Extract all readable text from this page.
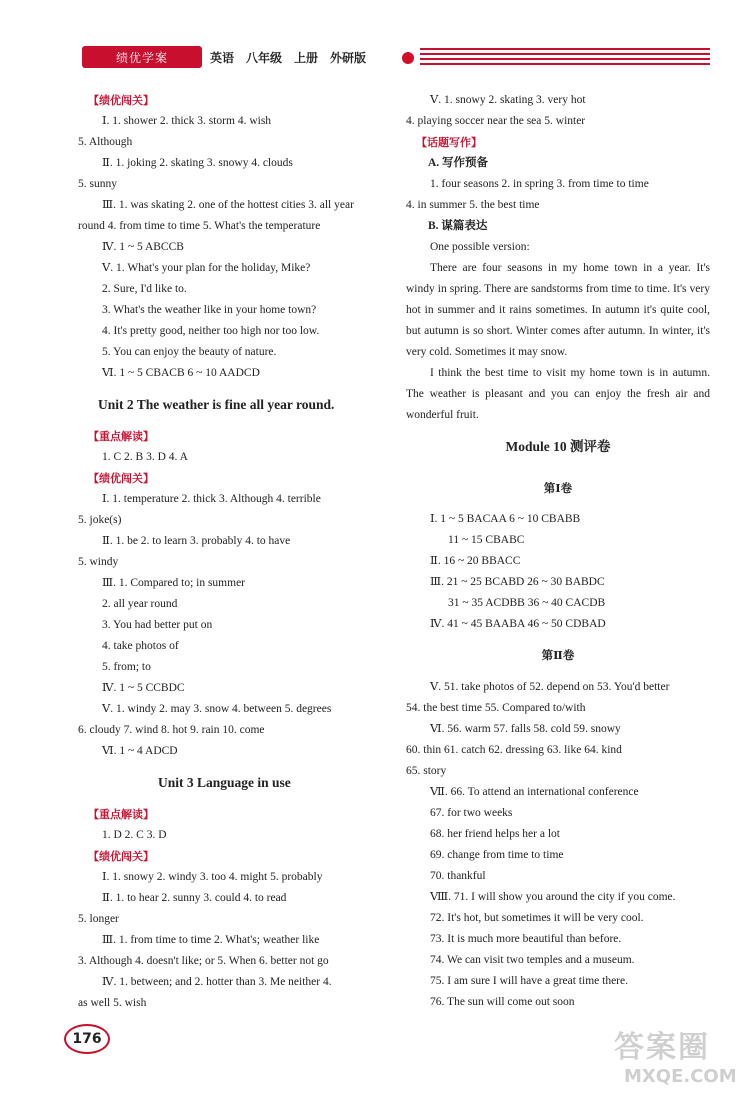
绩优学案	英语 八年级 上册 外研版
【绩优闯关】
Ⅰ. 1. shower 2. thick 3. storm 4. wish
5. Although
Ⅱ. 1. joking 2. skating 3. snowy 4. clouds
5. sunny
Ⅲ. 1. was skating 2. one of the hottest cities 3. all year
round 4. from time to time 5. What's the temperature
Ⅳ. 1 ~ 5 ABCCB
Ⅴ. 1. What's your plan for the holiday, Mike?
2. Sure, I'd like to.
3. What's the weather like in your home town?
4. It's pretty good, neither too high nor too low.
5. You can enjoy the beauty of nature.
Ⅵ. 1 ~ 5 CBACB 6 ~ 10 AADCD
Unit 2 The weather is fine all year round.
【重点解读】
1. C 2. B 3. D 4. A
【绩优闯关】
Ⅰ. 1. temperature 2. thick 3. Although 4. terrible
5. joke(s)
Ⅱ. 1. be 2. to learn 3. probably 4. to have
5. windy
Ⅲ. 1. Compared to; in summer
2. all year round
3. You had better put on
4. take photos of
5. from; to
Ⅳ. 1 ~ 5 CCBDC
Ⅴ. 1. windy 2. may 3. snow 4. between 5. degrees
6. cloudy 7. wind 8. hot 9. rain 10. come
Ⅵ. 1 ~ 4 ADCD
Unit 3 Language in use
【重点解读】
1. D 2. C 3. D
【绩优闯关】
Ⅰ. 1. snowy 2. windy 3. too 4. might 5. probably
Ⅱ. 1. to hear 2. sunny 3. could 4. to read
5. longer
Ⅲ. 1. from time to time 2. What's; weather like
3. Although 4. doesn't like; or 5. When 6. better not go
Ⅳ. 1. between; and 2. hotter than 3. Me neither 4.
as well 5. wish
Ⅴ. 1. snowy 2. skating 3. very hot
4. playing soccer near the sea 5. winter
【话题写作】
A. 写作预备
1. four seasons 2. in spring 3. from time to time
4. in summer 5. the best time
B. 谋篇表达
One possible version:
There are four seasons in my home town in a year. It's windy in spring. There are sandstorms from time to time. It's very hot in summer and it rains sometimes. In autumn it's quite cool, but autumn is so short. Winter comes after autumn. In winter, it's very cold. Sometimes it may snow.
I think the best time to visit my home town is in autumn. The weather is pleasant and you can enjoy the fresh air and wonderful fruit.
Module 10 测评卷
第Ⅰ卷
Ⅰ. 1 ~ 5 BACAA 6 ~ 10 CBABB
11 ~ 15 CBABC
Ⅱ. 16 ~ 20 BBACC
Ⅲ. 21 ~ 25 BCABD 26 ~ 30 BABDC
31 ~ 35 ACDBB 36 ~ 40 CACDB
Ⅳ. 41 ~ 45 BAABA 46 ~ 50 CDBAD
第Ⅱ卷
Ⅴ. 51. take photos of 52. depend on 53. You'd better
54. the best time 55. Compared to/with
Ⅵ. 56. warm 57. falls 58. cold 59. snowy
60. thin 61. catch 62. dressing 63. like 64. kind
65. story
Ⅶ. 66. To attend an international conference
67. for two weeks
68. her friend helps her a lot
69. change from time to time
70. thankful
Ⅷ. 71. I will show you around the city if you come.
72. It's hot, but sometimes it will be very cool.
73. It is much more beautiful than before.
74. We can visit two temples and a museum.
75. I am sure I will have a great time there.
76. The sun will come out soon
176	答案圈
MXQE.COM
